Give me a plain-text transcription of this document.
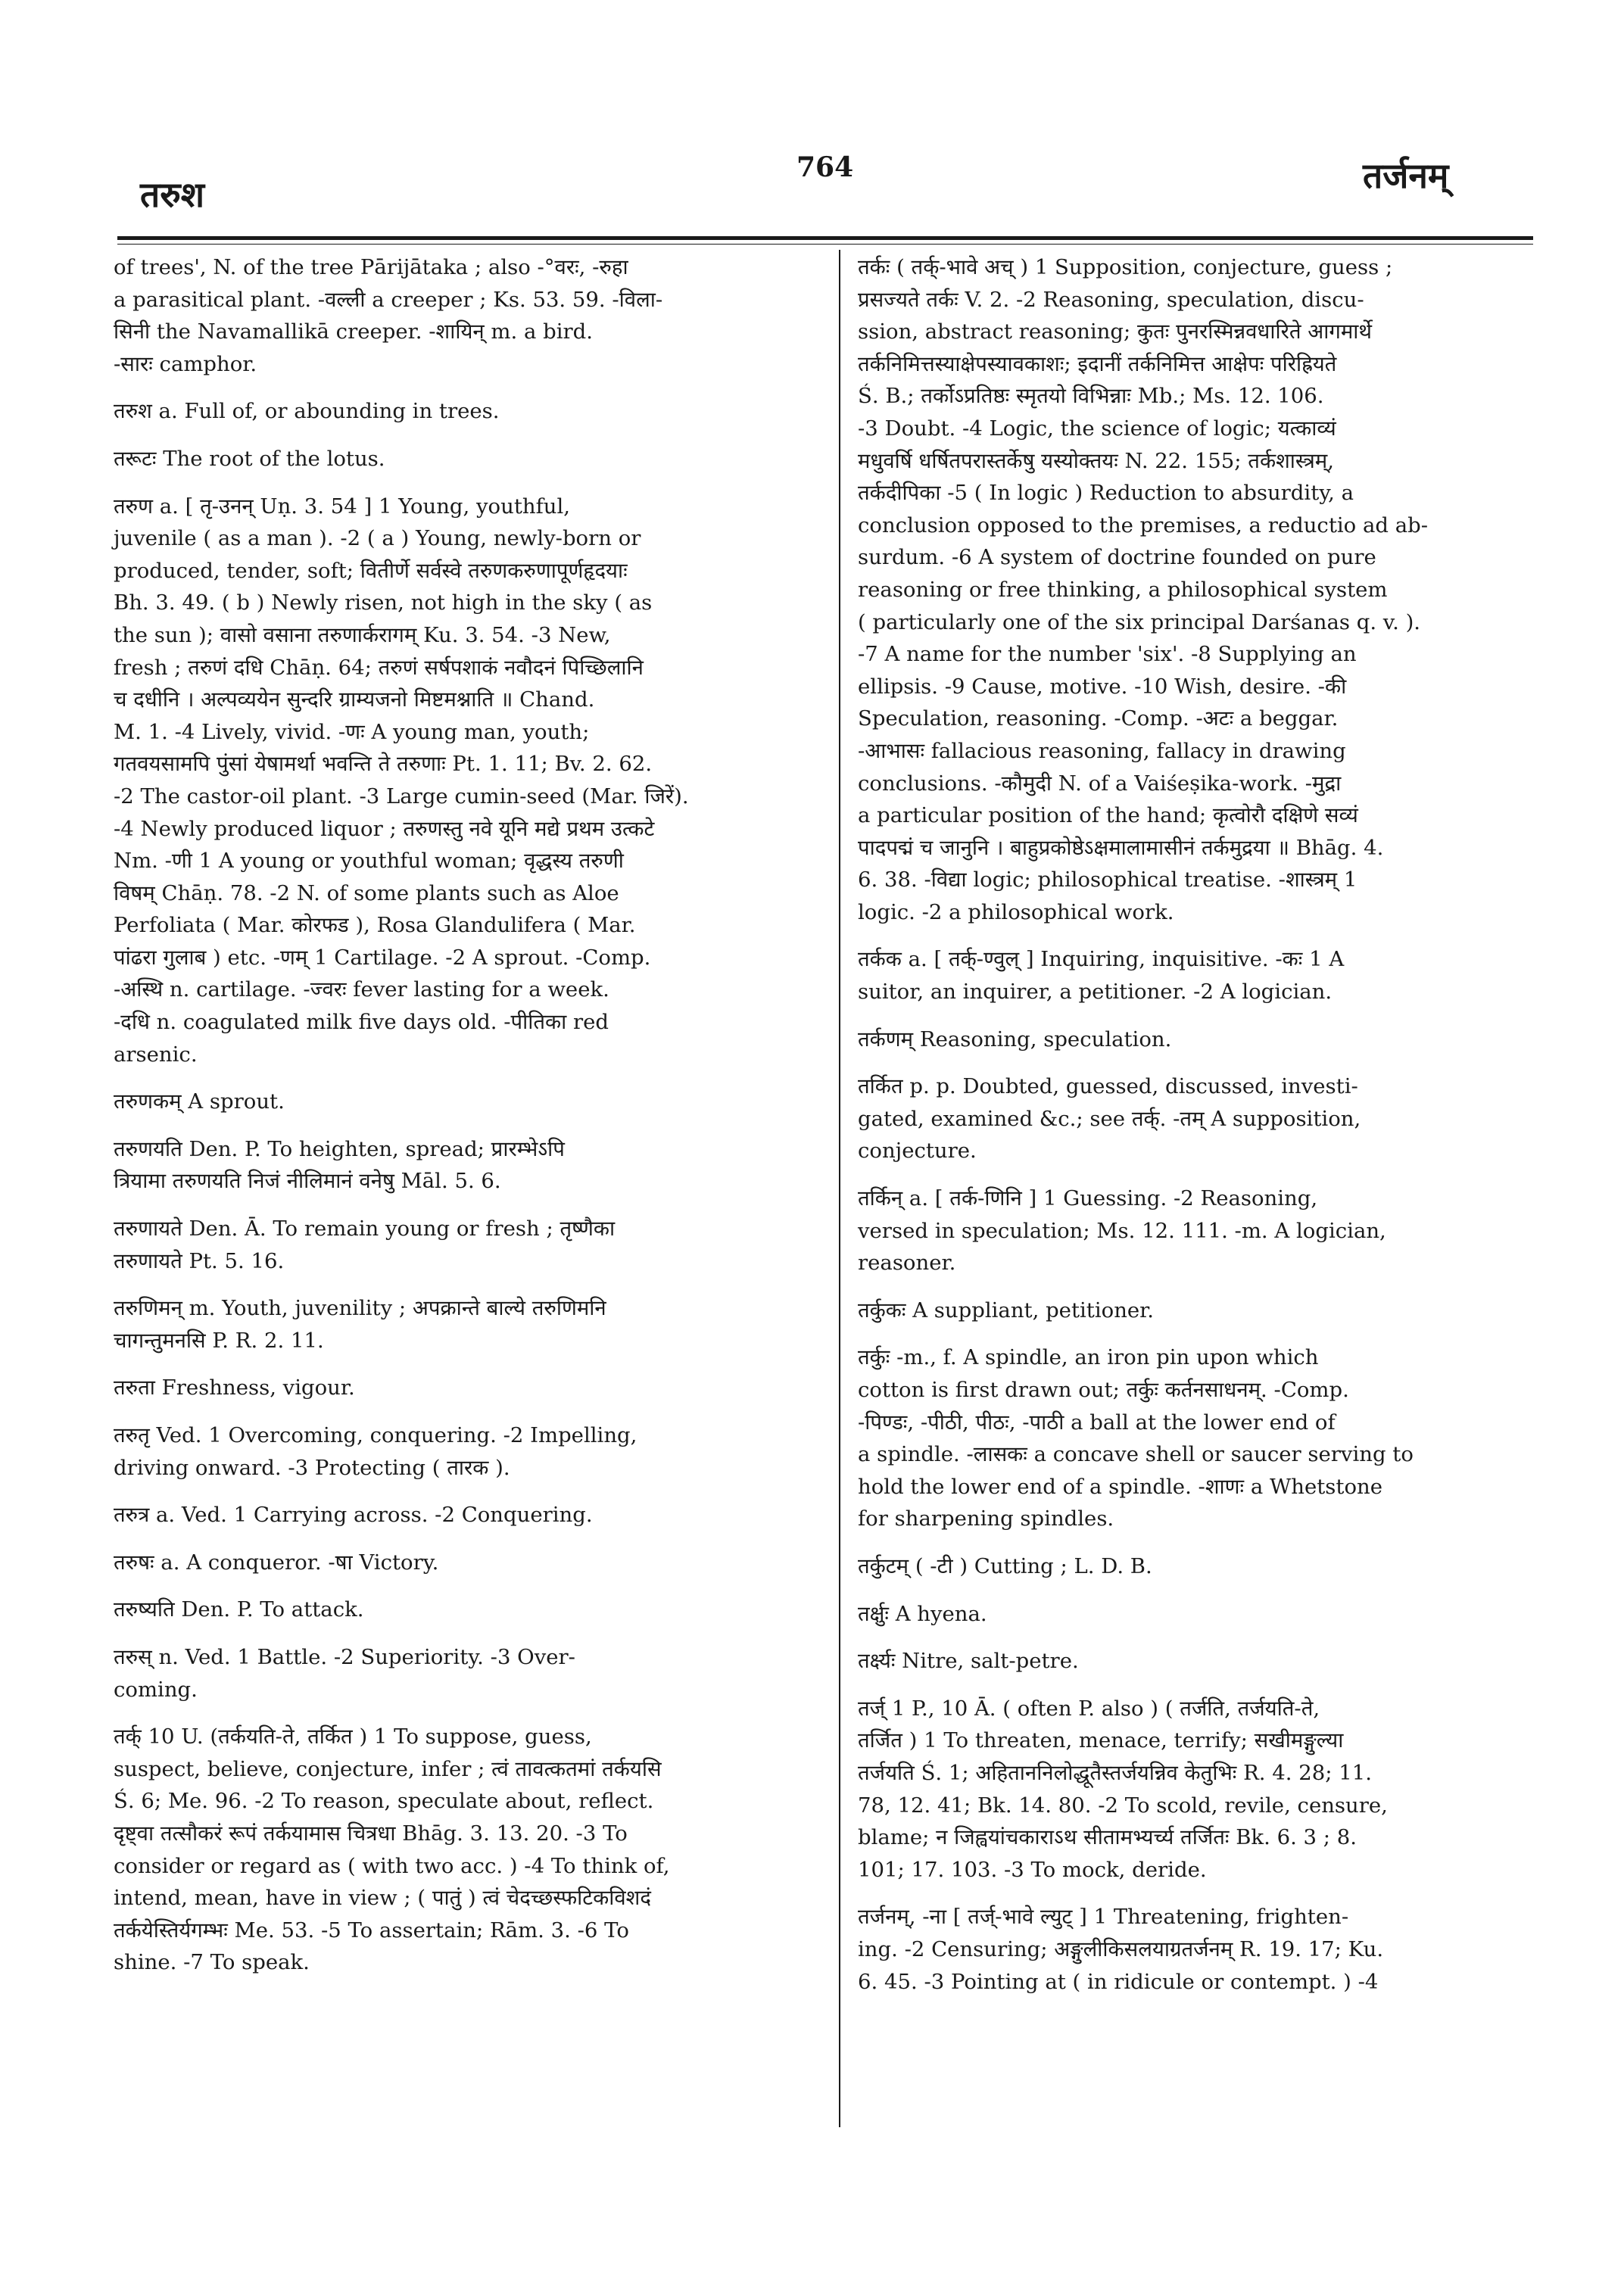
तरुश
764	तर्जनम्
of trees', N. of the tree Pārijātaka ; also -°वरः, -रुहा
a parasitical plant. -वल्ली a creeper ; Ks. 53. 59. -विला-
सिनी the Navamallikā creeper. -शायिन् m. a bird.
-सारः camphor.
तरुश a. Full of, or abounding in trees.
तरूटः The root of the lotus.
तरुण a. [ तृ-उनन् Uṇ. 3. 54 ] 1 Young, youthful,
juvenile ( as a man ). -2 ( a ) Young, newly-born or
produced, tender, soft; वितीर्णे सर्वस्वे तरुणकरुणापूर्णहृदयाः
Bh. 3. 49. ( b ) Newly risen, not high in the sky ( as
the sun ); वासो वसाना तरुणार्करागम् Ku. 3. 54. -3 New,
fresh ; तरुणं दधि Chāṇ. 64; तरुणं सर्षपशाकं नवौदनं पिच्छिलानि
च दधीनि । अल्पव्ययेन सुन्दरि ग्राम्यजनो मिष्टमश्नाति ॥ Chand.
M. 1. -4 Lively, vivid. -णः A young man, youth;
गतवयसामपि पुंसां येषामर्था भवन्ति ते तरुणाः Pt. 1. 11; Bv. 2. 62.
-2 The castor-oil plant. -3 Large cumin-seed (Mar. जिरें).
-4 Newly produced liquor ; तरुणस्तु नवे यूनि मद्ये प्रथम उत्कटे
Nm. -णी 1 A young or youthful woman; वृद्धस्य तरुणी
विषम् Chāṇ. 78. -2 N. of some plants such as Aloe
Perfoliata ( Mar. कोरफड ), Rosa Glandulifera ( Mar.
पांढरा गुलाब ) etc. -णम् 1 Cartilage. -2 A sprout. -Comp.
-अस्थि n. cartilage. -ज्वरः fever lasting for a week.
-दधि n. coagulated milk five days old. -पीतिका red
arsenic.
तरुणकम् A sprout.
तरुणयति Den. P. To heighten, spread; प्रारम्भेऽपि
त्रियामा तरुणयति निजं नीलिमानं वनेषु Māl. 5. 6.
तरुणायते Den. Ā. To remain young or fresh ; तृष्णैका
तरुणायते Pt. 5. 16.
तरुणिमन् m. Youth, juvenility ; अपक्रान्ते बाल्ये तरुणिमनि
चागन्तुमनसि P. R. 2. 11.
तरुता Freshness, vigour.
तरुतृ Ved. 1 Overcoming, conquering. -2 Impelling,
driving onward. -3 Protecting ( तारक ).
तरुत्र a. Ved. 1 Carrying across. -2 Conquering.
तरुषः a. A conqueror. -षा Victory.
तरुष्यति Den. P. To attack.
तरुस् n. Ved. 1 Battle. -2 Superiority. -3 Over-
coming.
तर्क् 10 U. (तर्कयति-ते, तर्कित ) 1 To suppose, guess,
suspect, believe, conjecture, infer ; त्वं तावत्कतमां तर्कयसि
Ś. 6; Me. 96. -2 To reason, speculate about, reflect.
दृष्ट्वा तत्सौकरं रूपं तर्कयामास चित्रधा Bhāg. 3. 13. 20. -3 To
consider or regard as ( with two acc. ) -4 To think of,
intend, mean, have in view ; ( पातुं ) त्वं चेदच्छस्फटिकविशदं
तर्कयेस्तिर्यगम्भः Me. 53. -5 To assertain; Rām. 3. -6 To
shine. -7 To speak.
तर्कः ( तर्क्-भावे अच् ) 1 Supposition, conjecture, guess ;
प्रसज्यते तर्कः V. 2. -2 Reasoning, speculation, discu-
ssion, abstract reasoning; कुतः पुनरस्मिन्नवधारिते आगमार्थे
तर्कनिमित्तस्याक्षेपस्यावकाशः; इदानीं तर्कनिमित्त आक्षेपः परिह्रियते
Ś. B.; तर्कोऽप्रतिष्ठः स्मृतयो विभिन्नाः Mb.; Ms. 12. 106.
-3 Doubt. -4 Logic, the science of logic; यत्काव्यं
मधुवर्षि धर्षितपरास्तर्केषु यस्योक्तयः N. 22. 155; तर्कशास्त्रम्,
तर्कदीपिका -5 ( In logic ) Reduction to absurdity, a
conclusion opposed to the premises, a reductio ad ab-
surdum. -6 A system of doctrine founded on pure
reasoning or free thinking, a philosophical system
( particularly one of the six principal Darśanas q. v. ).
-7 A name for the number 'six'. -8 Supplying an
ellipsis. -9 Cause, motive. -10 Wish, desire. -की
Speculation, reasoning. -Comp. -अटः a beggar.
-आभासः fallacious reasoning, fallacy in drawing
conclusions. -कौमुदी N. of a Vaiśeṣika-work. -मुद्रा
a particular position of the hand; कृत्वोरौ दक्षिणे सव्यं
पादपद्मं च जानुनि । बाहुप्रकोष्ठेऽक्षमालामासीनं तर्कमुद्रया ॥ Bhāg. 4.
6. 38. -विद्या logic; philosophical treatise. -शास्त्रम् 1
logic. -2 a philosophical work.
तर्कक a. [ तर्क्-ण्वुल् ] Inquiring, inquisitive. -कः 1 A
suitor, an inquirer, a petitioner. -2 A logician.
तर्कणम् Reasoning, speculation.
तर्कित p. p. Doubted, guessed, discussed, investi-
gated, examined &c.; see तर्क्. -तम् A supposition,
conjecture.
तर्किन् a. [ तर्क-णिनि ] 1 Guessing. -2 Reasoning,
versed in speculation; Ms. 12. 111. -m. A logician,
reasoner.
तर्कुकः A suppliant, petitioner.
तर्कुः -m., f. A spindle, an iron pin upon which
cotton is first drawn out; तर्कुः कर्तनसाधनम्. -Comp.
-पिण्डः, -पीठी, पीठः, -पाठी a ball at the lower end of
a spindle. -लासकः a concave shell or saucer serving to
hold the lower end of a spindle. -शाणः a Whetstone
for sharpening spindles.
तर्कुटम् ( -टी ) Cutting ; L. D. B.
तर्क्षुः A hyena.
तर्क्ष्यः Nitre, salt-petre.
तर्ज् 1 P., 10 Ā. ( often P. also ) ( तर्जति, तर्जयति-ते,
तर्जित ) 1 To threaten, menace, terrify; सखीमङ्गुल्या
तर्जयति Ś. 1; अहिताननिलोद्धूतैस्तर्जयन्निव केतुभिः R. 4. 28; 11.
78, 12. 41; Bk. 14. 80. -2 To scold, revile, censure,
blame; न जिह्वयांचकाराऽथ सीतामभ्यर्च्य तर्जितः Bk. 6. 3 ; 8.
101; 17. 103. -3 To mock, deride.
तर्जनम्, -ना [ तर्ज्-भावे ल्युट् ] 1 Threatening, frighten-
ing. -2 Censuring; अङ्गुलीकिसलयाग्रतर्जनम् R. 19. 17; Ku.
6. 45. -3 Pointing at ( in ridicule or contempt. ) -4
